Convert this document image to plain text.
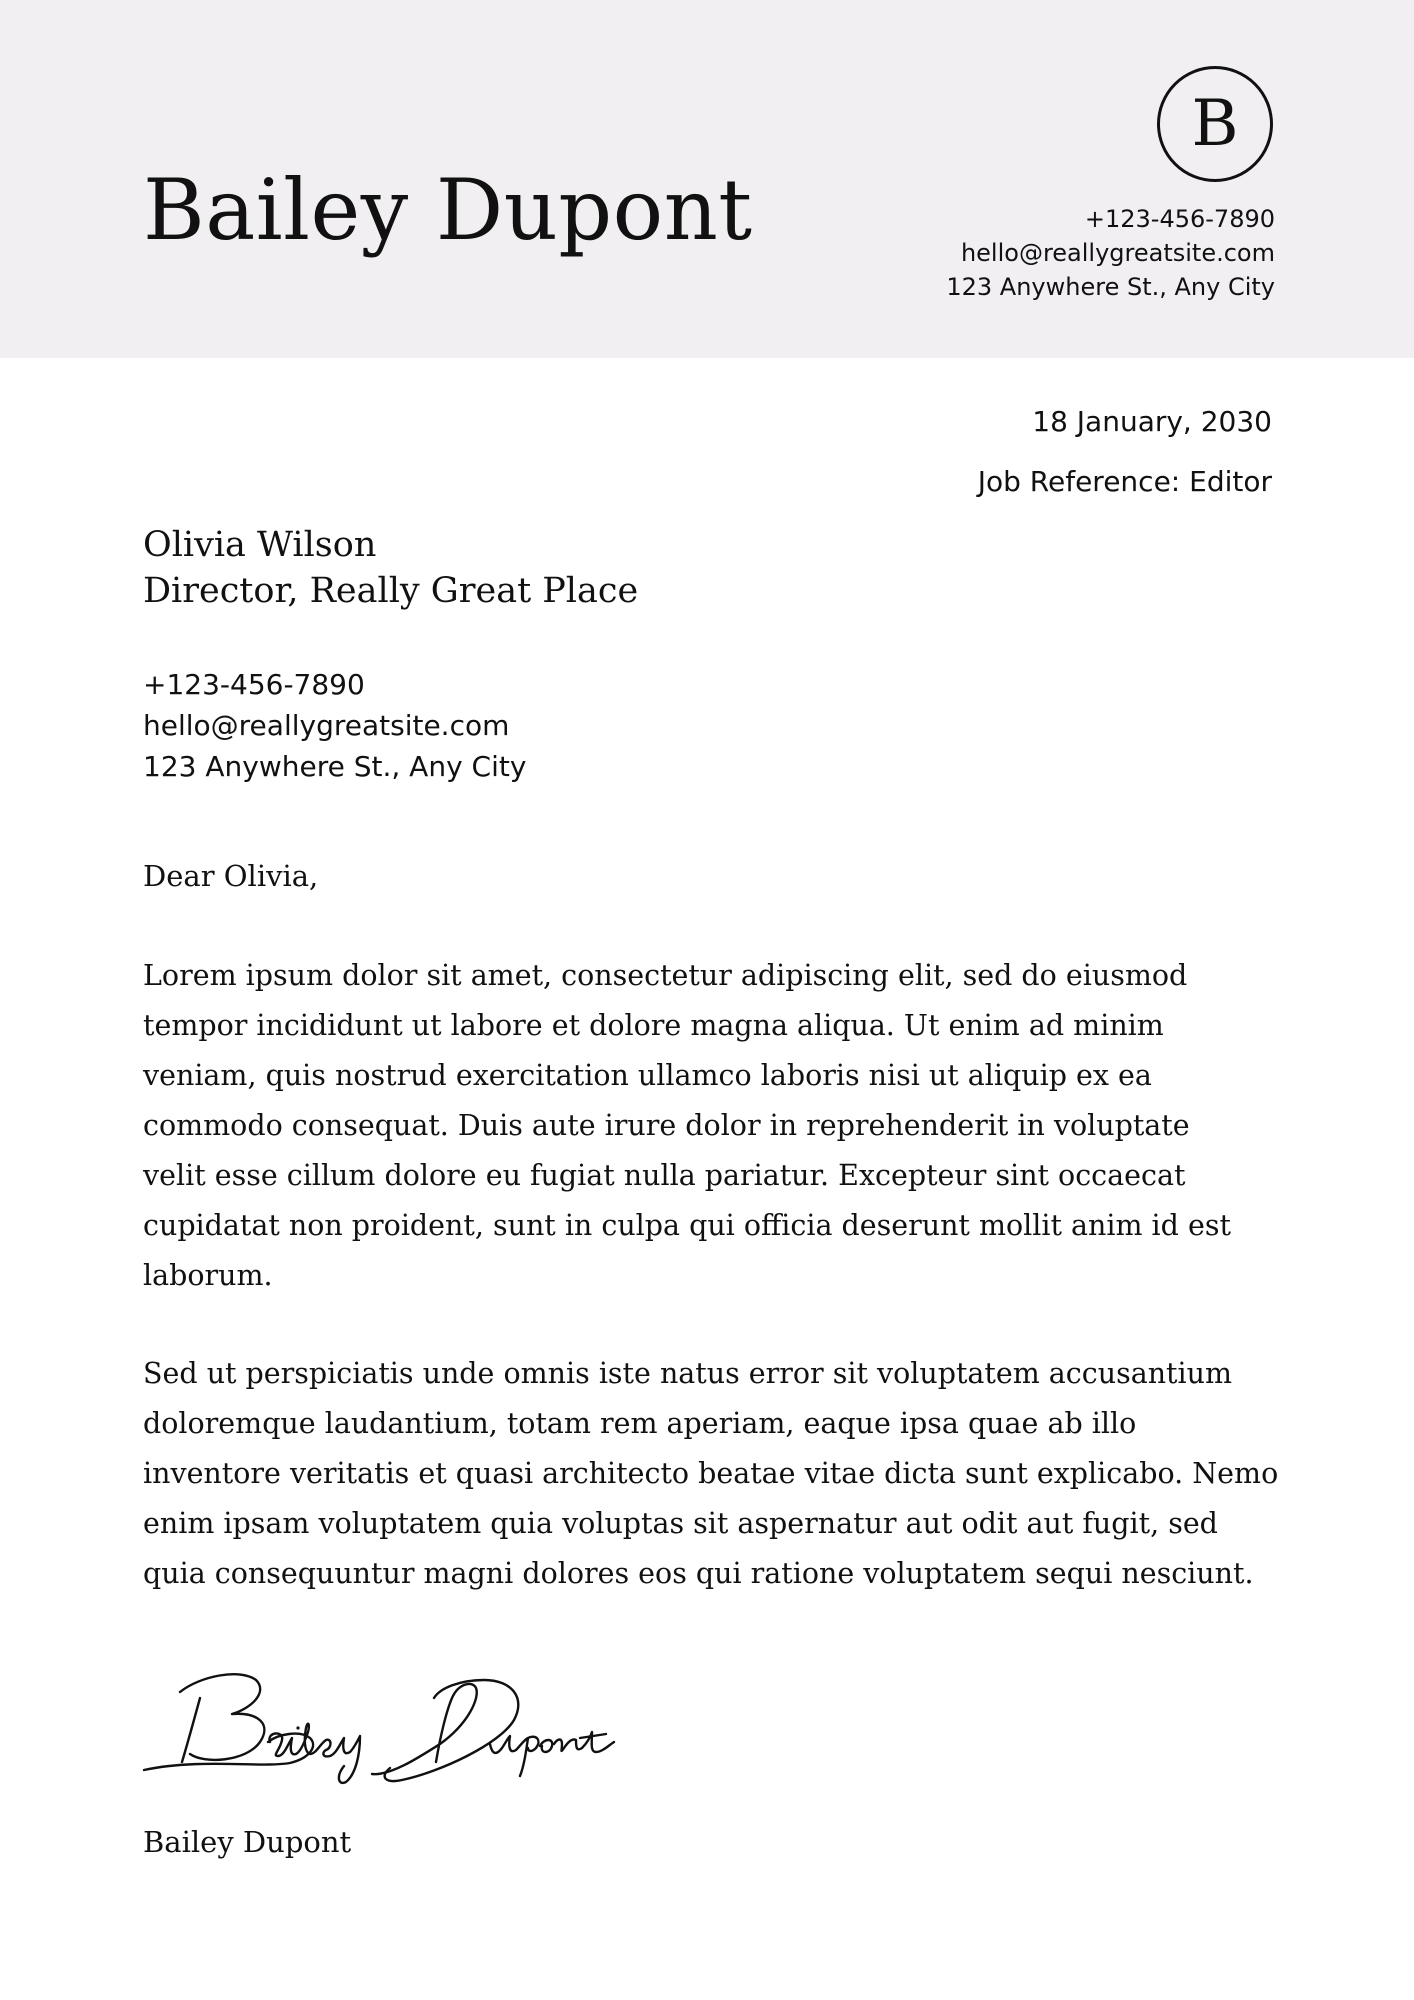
Bailey Dupont
B
+123-456-7890
hello@reallygreatsite.com
123 Anywhere St., Any City
18 January, 2030
Job Reference: Editor
Olivia Wilson
Director, Really Great Place
+123-456-7890
hello@reallygreatsite.com
123 Anywhere St., Any City

Dear Olivia,

Lorem ipsum dolor sit amet, consectetur adipiscing elit, sed do eiusmod
tempor incididunt ut labore et dolore magna aliqua. Ut enim ad minim
veniam, quis nostrud exercitation ullamco laboris nisi ut aliquip ex ea
commodo consequat. Duis aute irure dolor in reprehenderit in voluptate
velit esse cillum dolore eu fugiat nulla pariatur. Excepteur sint occaecat
cupidatat non proident, sunt in culpa qui officia deserunt mollit anim id est
laborum.

Sed ut perspiciatis unde omnis iste natus error sit voluptatem accusantium
doloremque laudantium, totam rem aperiam, eaque ipsa quae ab illo
inventore veritatis et quasi architecto beatae vitae dicta sunt explicabo. Nemo
enim ipsam voluptatem quia voluptas sit aspernatur aut odit aut fugit, sed
quia consequuntur magni dolores eos qui ratione voluptatem sequi nesciunt.

Bailey Dupont
